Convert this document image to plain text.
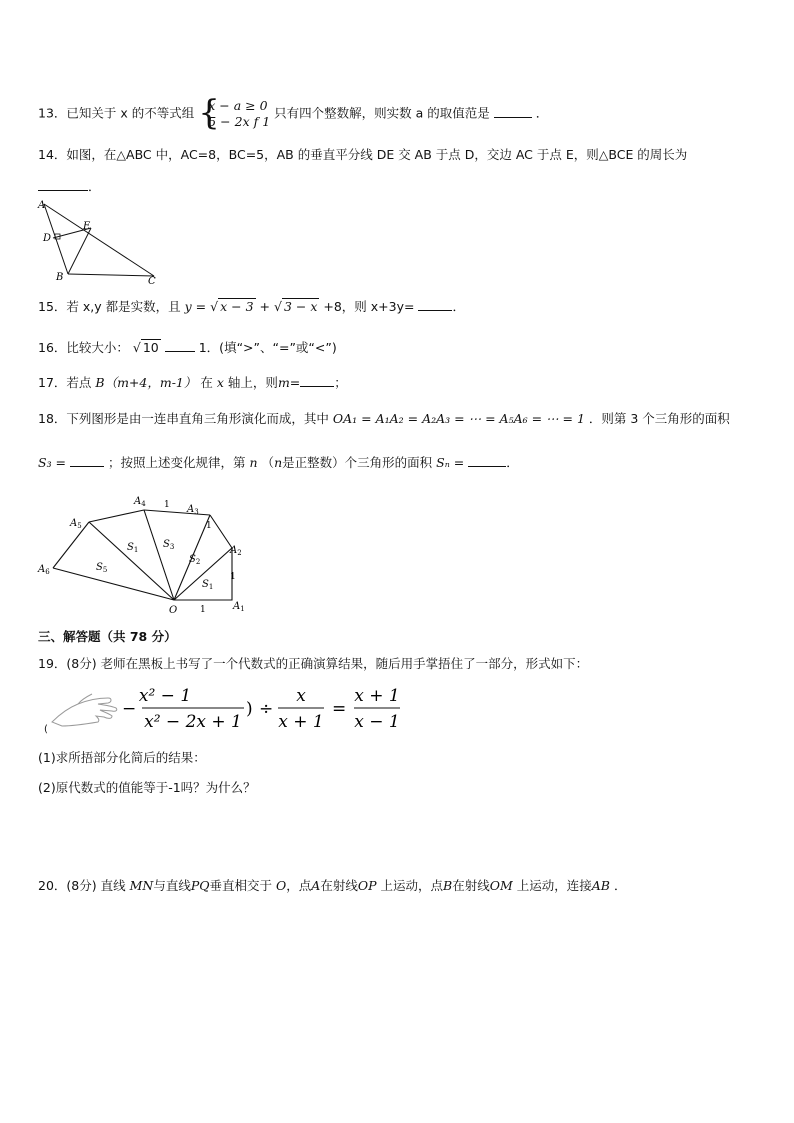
13．已知关于 x 的不等式组 {
x − a ≥ 0
5 − 2x f 1
只有四个整数解，则实数 a 的取值范是	．
14．如图，在△ABC 中，AC=8，BC=5，AB 的垂直平分线 DE 交 AB 于点 D，交边 AC 于点 E，则△BCE 的周长为
．
A
D
E
B	C
15．若 x,y 都是实数，且 y = √ x − 3 + √ 3 − x +8，则 x+3y=	．
16．比较大小： √ 10	1．(填“>”、“=”或“<”)
17．若点 B（m+4，m-1） 在 x 轴上，则m=	；
18．下列图形是由一连串直角三角形演化而成，其中 OA₁ = A₁A₂ = A₂A₃ = ⋯ = A₅A₆ = ⋯ = 1 ．则第 3 个三角形的面积
S₃ =	；按照上述变化规律，第 n （n是正整数）个三角形的面积 Sₙ =	．
$A_1$
$A_2$
$A_3$
$A_4$
$A_5$
$A_6$
O
$S_1$
$S_2$
$S_3$
$S_1$
$S_5$
1
1
1
1
三、解答题（共 78 分）
19．(8分) 老师在黑板上书写了一个代数式的正确演算结果，随后用手掌捂住了一部分，形式如下：
(
−
x² − 1
x² − 2x + 1
) ÷
x
x + 1
=
x + 1
x − 1
(1)求所捂部分化简后的结果：
(2)原代数式的值能等于-1吗？为什么？
20．(8分) 直线 MN与直线PQ垂直相交于 O，点A在射线OP 上运动，点B在射线OM 上运动，连接AB ．
